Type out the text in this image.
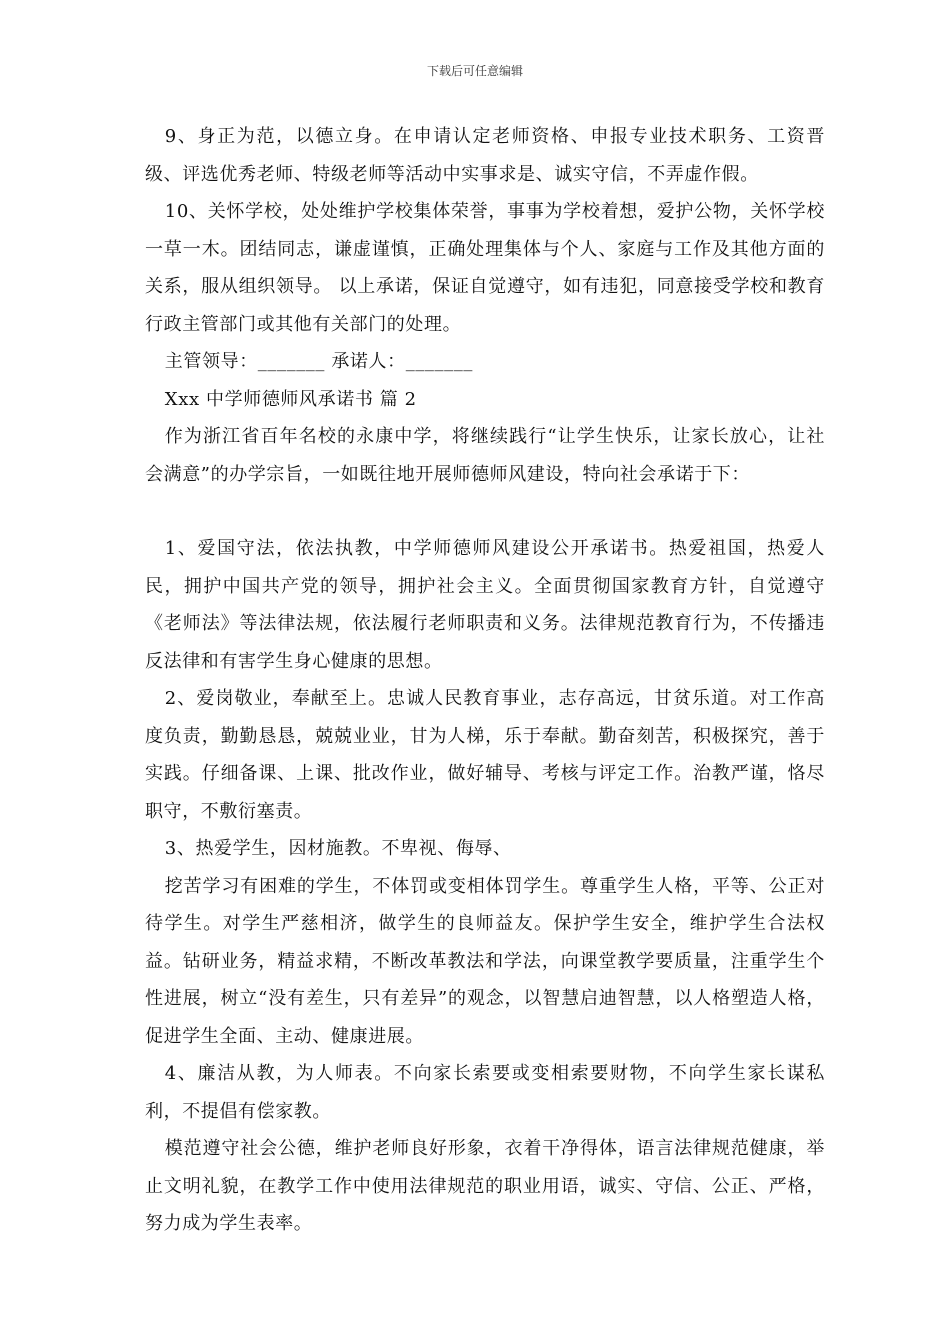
下载后可任意编辑

9、身正为范，以德立身。在申请认定老师资格、申报专业技术职务、工资晋级、评选优秀老师、特级老师等活动中实事求是、诚实守信，不弄虚作假。

10、关怀学校，处处维护学校集体荣誉，事事为学校着想，爱护公物，关怀学校一草一木。团结同志，谦虚谨慎，正确处理集体与个人、家庭与工作及其他方面的关系，服从组织领导。 以上承诺，保证自觉遵守，如有违犯，同意接受学校和教育行政主管部门或其他有关部门的处理。

主管领导：_______ 承诺人：_______

Xxx 中学师德师风承诺书 篇 2

作为浙江省百年名校的永康中学，将继续践行“让学生快乐，让家长放心，让社会满意”的办学宗旨，一如既往地开展师德师风建设，特向社会承诺于下：

1、爱国守法，依法执教，中学师德师风建设公开承诺书。热爱祖国，热爱人民，拥护中国共产党的领导，拥护社会主义。全面贯彻国家教育方针，自觉遵守《老师法》等法律法规，依法履行老师职责和义务。法律规范教育行为，不传播违反法律和有害学生身心健康的思想。

2、爱岗敬业，奉献至上。忠诚人民教育事业，志存高远，甘贫乐道。对工作高度负责，勤勤恳恳，兢兢业业，甘为人梯，乐于奉献。勤奋刻苦，积极探究，善于实践。仔细备课、上课、批改作业，做好辅导、考核与评定工作。治教严谨，恪尽职守，不敷衍塞责。

3、热爱学生，因材施教。不卑视、侮辱、

挖苦学习有困难的学生，不体罚或变相体罚学生。尊重学生人格，平等、公正对待学生。对学生严慈相济，做学生的良师益友。保护学生安全，维护学生合法权益。钻研业务，精益求精，不断改革教法和学法，向课堂教学要质量，注重学生个性进展，树立“没有差生，只有差异”的观念，以智慧启迪智慧，以人格塑造人格，促进学生全面、主动、健康进展。

4、廉洁从教，为人师表。不向家长索要或变相索要财物，不向学生家长谋私利，不提倡有偿家教。

模范遵守社会公德，维护老师良好形象，衣着干净得体，语言法律规范健康，举止文明礼貌，在教学工作中使用法律规范的职业用语，诚实、守信、公正、严格，努力成为学生表率。
